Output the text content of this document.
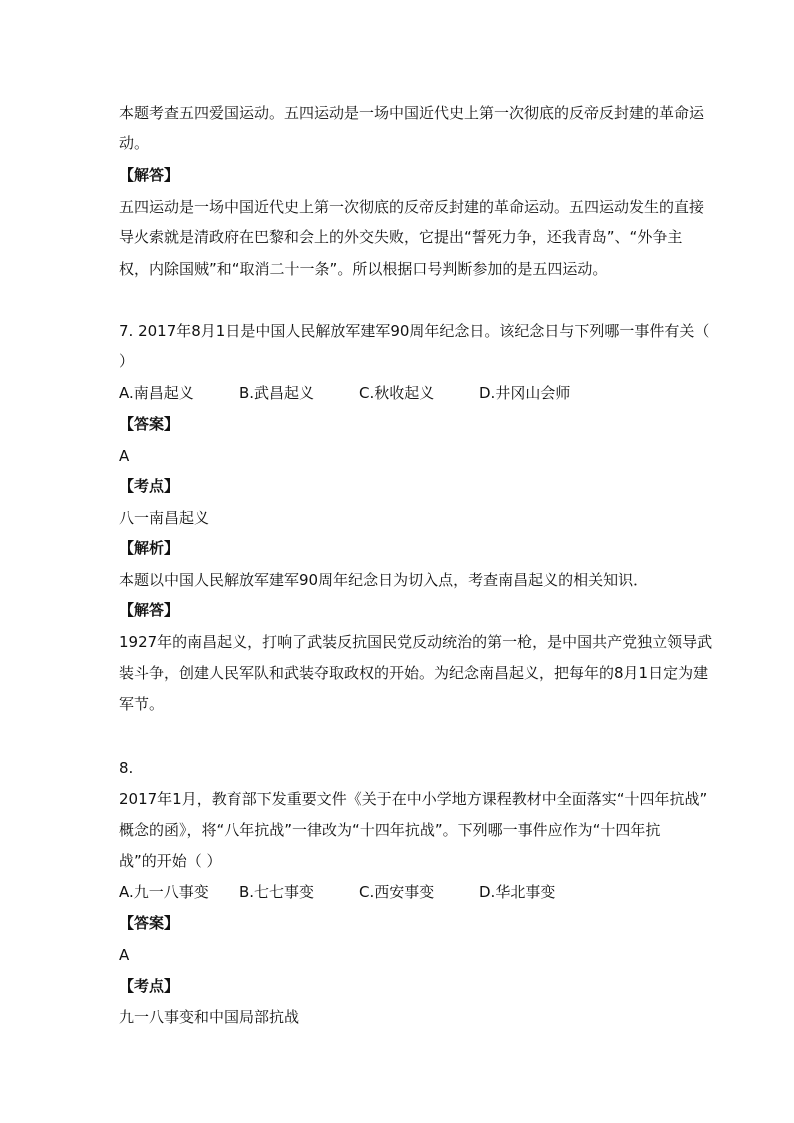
本题考查五四爱国运动。五四运动是一场中国近代史上第一次彻底的反帝反封建的革命运
动。
【解答】
五四运动是一场中国近代史上第一次彻底的反帝反封建的革命运动。五四运动发生的直接
导火索就是清政府在巴黎和会上的外交失败，它提出“誓死力争，还我青岛”、“外争主
权，内除国贼”和“取消二十一条”。所以根据口号判断参加的是五四运动。
7. 2017年8月1日是中国人民解放军建军90周年纪念日。该纪念日与下列哪一事件有关（
）
A.南昌起义	B.武昌起义	C.秋收起义	D.井冈山会师
【答案】
A
【考点】
八一南昌起义
【解析】
本题以中国人民解放军建军90周年纪念日为切入点，考查南昌起义的相关知识．
【解答】
1927年的南昌起义，打响了武装反抗国民党反动统治的第一枪，是中国共产党独立领导武
装斗争，创建人民军队和武装夺取政权的开始。为纪念南昌起义，把每年的8月1日定为建
军节。
8.
2017年1月，教育部下发重要文件《关于在中小学地方课程教材中全面落实“十四年抗战”
概念的函》，将“八年抗战”一律改为“十四年抗战”。下列哪一事件应作为“十四年抗
战”的开始（ ）
A.九一八事变 B.七七事变	C.西安事变	D.华北事变
【答案】
A
【考点】
九一八事变和中国局部抗战
